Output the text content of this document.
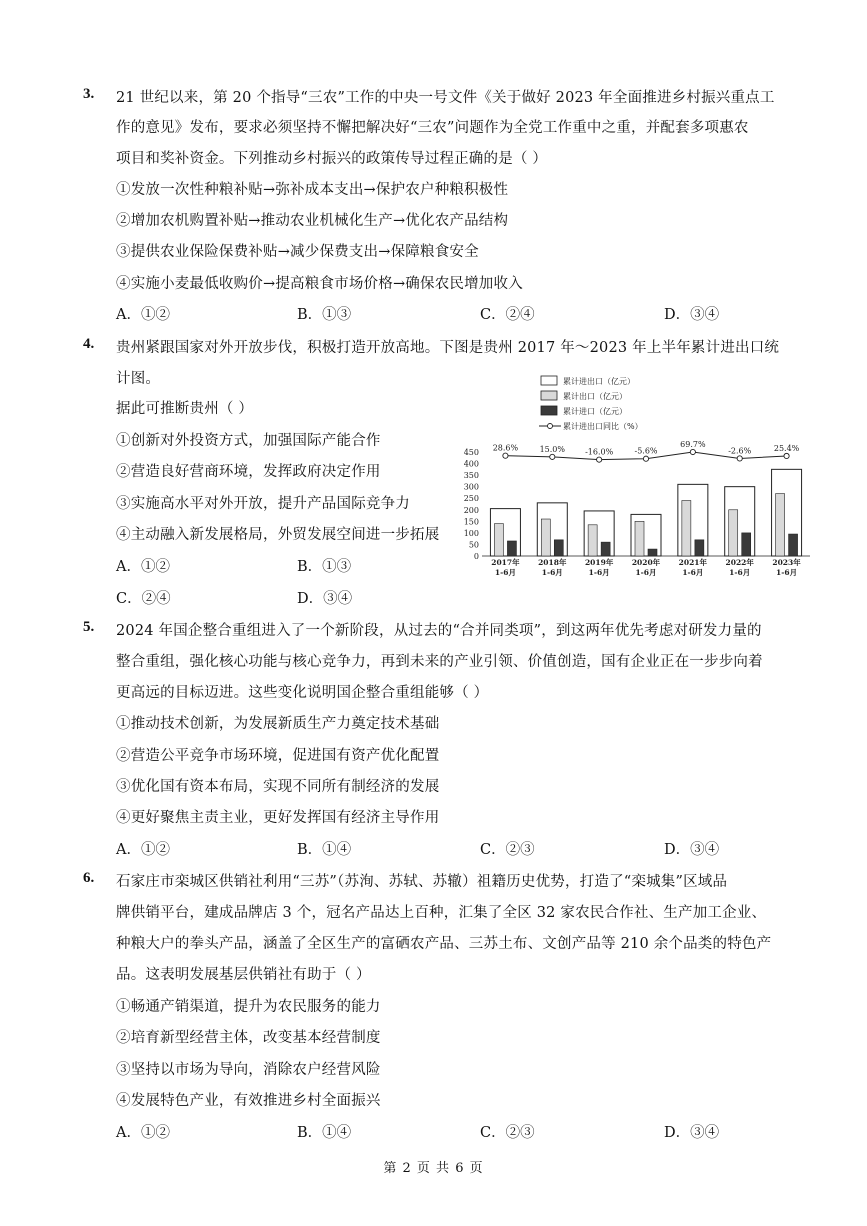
3. 21 世纪以来，第 20 个指导“三农”工作的中央一号文件《关于做好 2023 年全面推进乡村振兴重点工
作的意见》发布，要求必须坚持不懈把解决好“三农”问题作为全党工作重中之重，并配套多项惠农
项目和奖补资金。下列推动乡村振兴的政策传导过程正确的是（ ）
①发放一次性种粮补贴→弥补成本支出→保护农户种粮积极性
②增加农机购置补贴→推动农业机械化生产→优化农产品结构
③提供农业保险保费补贴→减少保费支出→保障粮食安全
④实施小麦最低收购价→提高粮食市场价格→确保农民增加收入
A．①②	B．①③	C．②④	D．③④
4. 贵州紧跟国家对外开放步伐，积极打造开放高地。下图是贵州 2017 年～2023 年上半年累计进出口统
计图。
据此可推断贵州（ ）
①创新对外投资方式，加强国际产能合作
②营造良好营商环境，发挥政府决定作用
③实施高水平对外开放，提升产品国际竞争力
④主动融入新发展格局，外贸发展空间进一步拓展
A．①②	B．①③
C．②④	D．③④
累计进出口（亿元）
累计出口（亿元）
累计进口（亿元）
累计进出口同比（%）
450
400
350
300
250
200
150
100
50
0
2017年
1-6月
2018年
1-6月
2019年
1-6月
2020年
1-6月
2021年
1-6月
2022年
1-6月
2023年
1-6月
28.6%	15.0%	-16.0%	-5.6%
69.7%
-2.6%	25.4%
5. 2024 年国企整合重组进入了一个新阶段，从过去的“合并同类项”，到这两年优先考虑对研发力量的
整合重组，强化核心功能与核心竞争力，再到未来的产业引领、价值创造，国有企业正在一步步向着
更高远的目标迈进。这些变化说明国企整合重组能够（ ）
①推动技术创新，为发展新质生产力奠定技术基础
②营造公平竞争市场环境，促进国有资产优化配置
③优化国有资本布局，实现不同所有制经济的发展
④更好聚焦主责主业，更好发挥国有经济主导作用
A．①②	B．①④	C．②③	D．③④
6. 石家庄市栾城区供销社利用“三苏”（苏洵、苏轼、苏辙）祖籍历史优势，打造了“栾城集”区域品
牌供销平台，建成品牌店 3 个，冠名产品达上百种，汇集了全区 32 家农民合作社、生产加工企业、
种粮大户的拳头产品，涵盖了全区生产的富硒农产品、三苏土布、文创产品等 210 余个品类的特色产
品。这表明发展基层供销社有助于（ ）
①畅通产销渠道，提升为农民服务的能力
②培育新型经营主体，改变基本经营制度
③坚持以市场为导向，消除农户经营风险
④发展特色产业，有效推进乡村全面振兴
A．①②	B．①④	C．②③	D．③④
第 2 页 共 6 页
